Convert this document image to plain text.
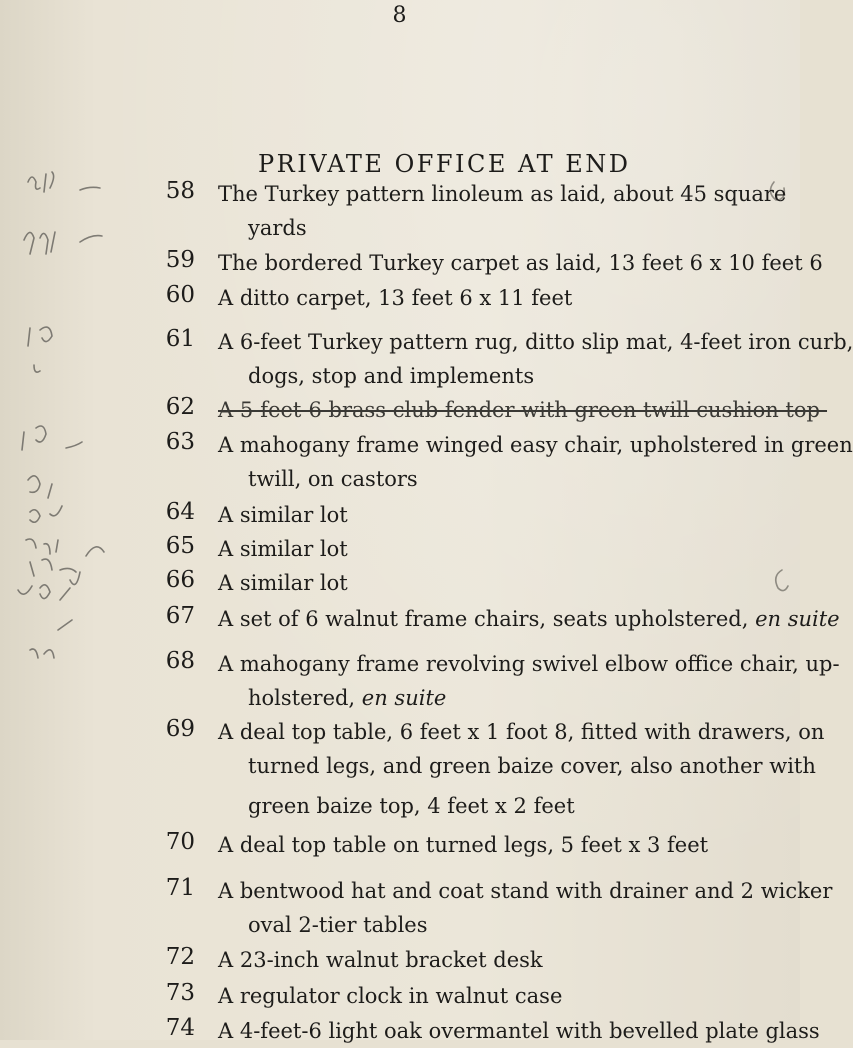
8
PRIVATE OFFICE AT END
58 The Turkey pattern linoleum as laid, about 45 square
yards
59 The bordered Turkey carpet as laid, 13 feet 6 x 10 feet 6
60 A ditto carpet, 13 feet 6 x 11 feet
61 A 6-feet Turkey pattern rug, ditto slip mat, 4-feet iron curb,
dogs, stop and implements
62 A 5-feet-6 brass club fender with green twill cushion top-
63 A mahogany frame winged easy chair, upholstered in green
twill, on castors
64 A similar lot
65 A similar lot
66 A similar lot
67 A set of 6 walnut frame chairs, seats upholstered, en suite
68 A mahogany frame revolving swivel elbow office chair, up-
holstered, en suite
69 A deal top table, 6 feet x 1 foot 8, fitted with drawers, on
turned legs, and green baize cover, also another with
green baize top, 4 feet x 2 feet
70 A deal top table on turned legs, 5 feet x 3 feet
71 A bentwood hat and coat stand with drainer and 2 wicker
oval 2-tier tables
72 A 23-inch walnut bracket desk
73 A regulator clock in walnut case
74 A 4-feet-6 light oak overmantel with bevelled plate glass
